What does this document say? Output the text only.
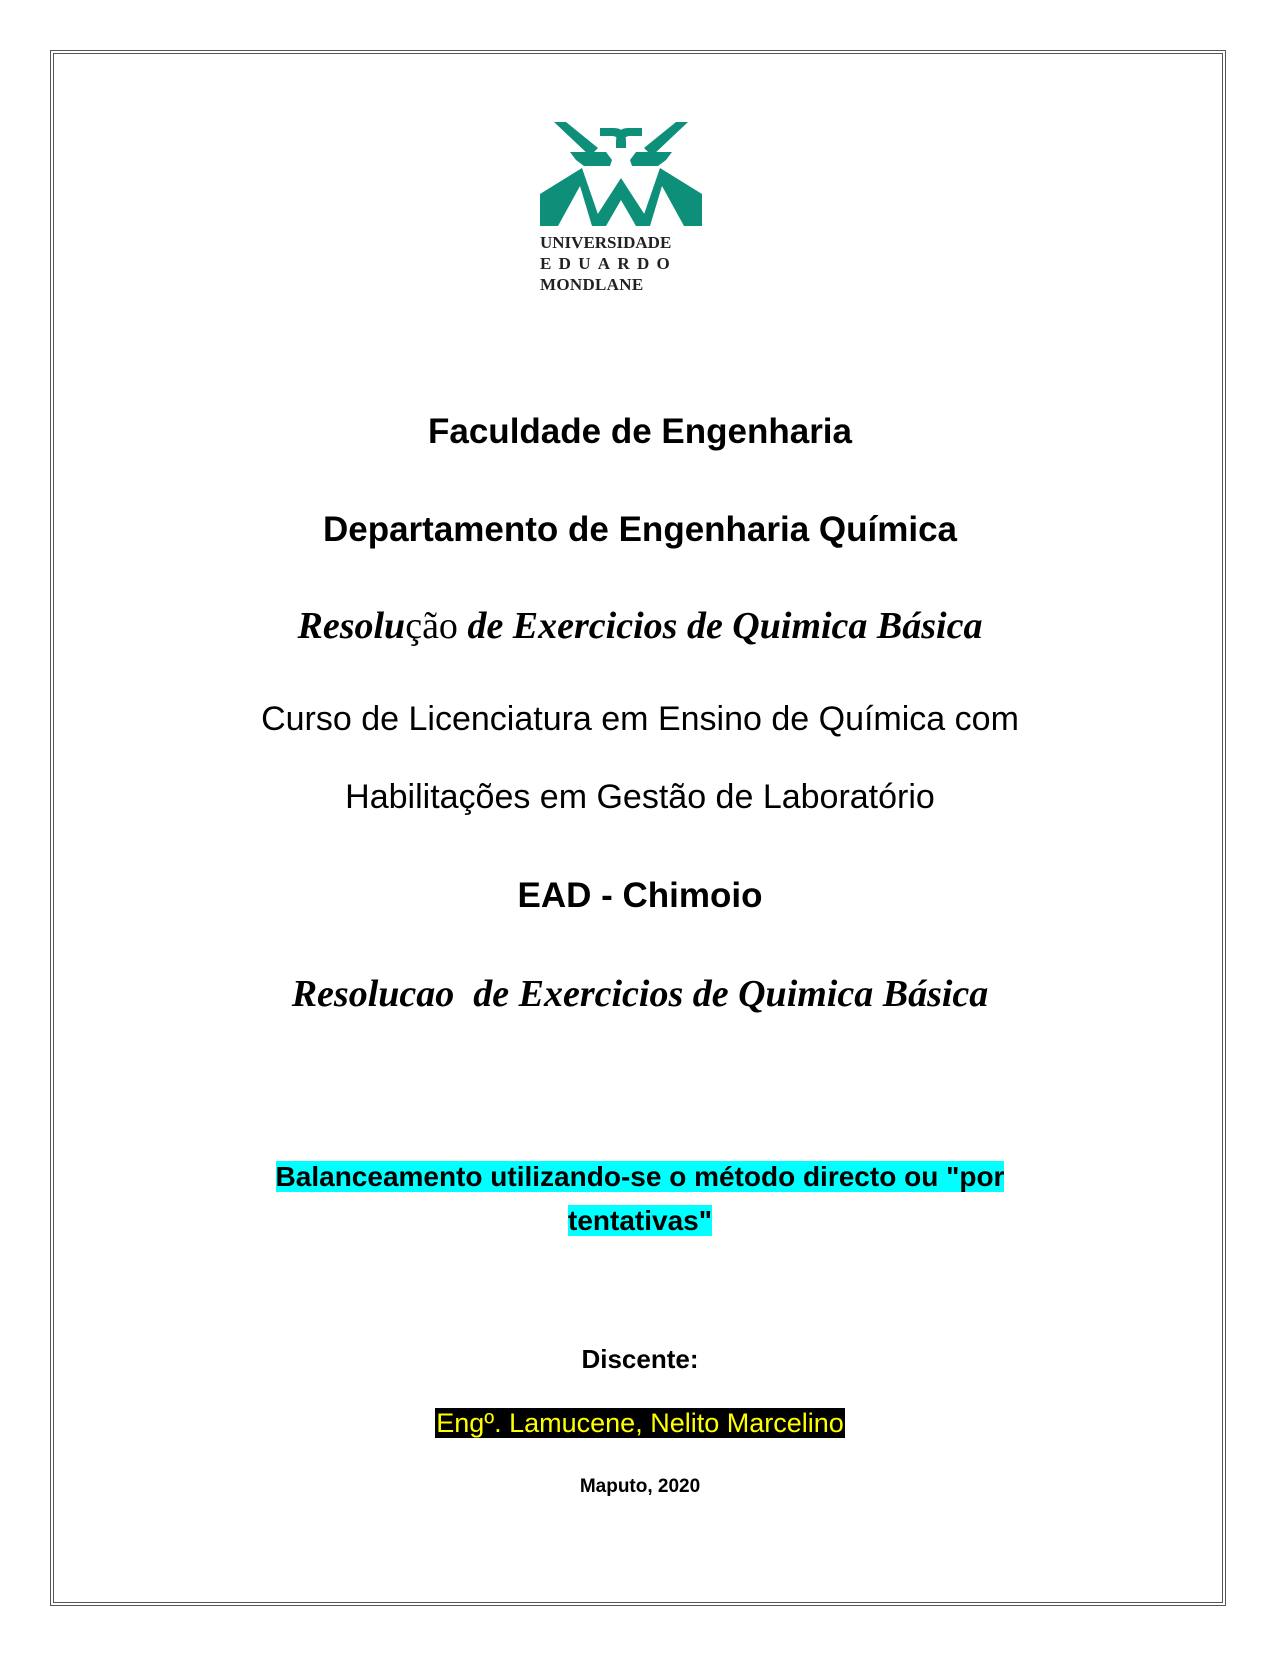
UNIVERSIDADE
EDUARDO
MONDLANE
Faculdade de Engenharia
Departamento de Engenharia Química
Resolução de Exercicios de Quimica Básica
Curso de Licenciatura em Ensino de Química com
Habilitações em Gestão de Laboratório
EAD - Chimoio
Resolucao  de Exercicios de Quimica Básica
Balanceamento utilizando-se o método directo ou "por
tentativas"
Discente:
Engº. Lamucene, Nelito Marcelino
Maputo, 2020
